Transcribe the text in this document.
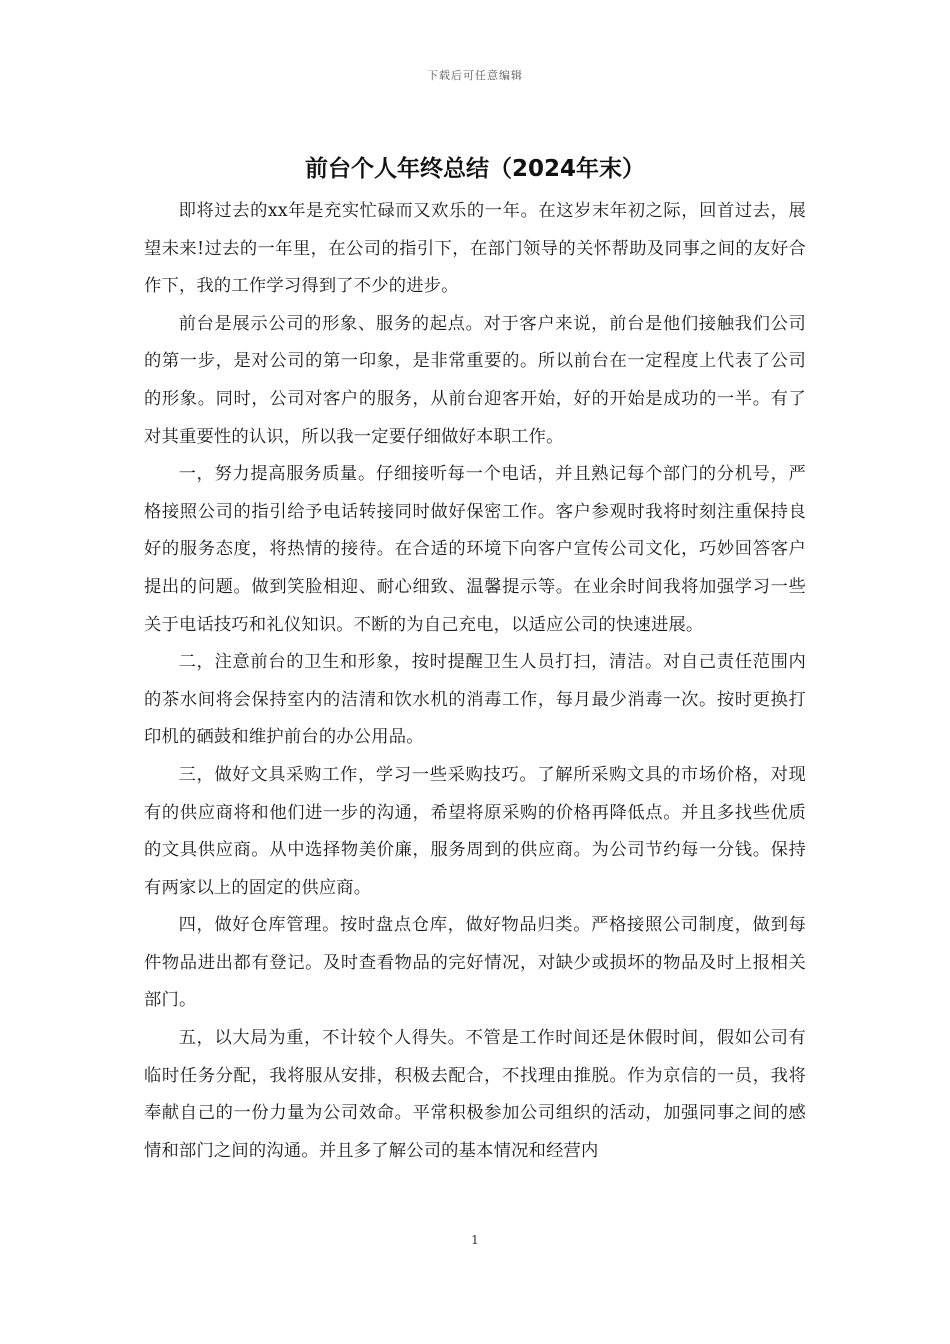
下载后可任意编辑
前台个人年终总结（2024年末）

即将过去的xx年是充实忙碌而又欢乐的一年。在这岁末年初之际，回首过去，展望未来!过去的一年里，在公司的指引下，在部门领导的关怀帮助及同事之间的友好合作下，我的工作学习得到了不少的进步。

前台是展示公司的形象、服务的起点。对于客户来说，前台是他们接触我们公司的第一步，是对公司的第一印象，是非常重要的。所以前台在一定程度上代表了公司的形象。同时，公司对客户的服务，从前台迎客开始，好的开始是成功的一半。有了对其重要性的认识，所以我一定要仔细做好本职工作。

一，努力提高服务质量。仔细接听每一个电话，并且熟记每个部门的分机号，严格接照公司的指引给予电话转接同时做好保密工作。客户参观时我将时刻注重保持良好的服务态度，将热情的接待。在合适的环境下向客户宣传公司文化，巧妙回答客户提出的问题。做到笑脸相迎、耐心细致、温馨提示等。在业余时间我将加强学习一些关于电话技巧和礼仪知识。不断的为自己充电，以适应公司的快速进展。

二，注意前台的卫生和形象，按时提醒卫生人员打扫，清洁。对自己责任范围内的茶水间将会保持室内的洁清和饮水机的消毒工作，每月最少消毒一次。按时更换打印机的硒鼓和维护前台的办公用品。

三，做好文具采购工作，学习一些采购技巧。了解所采购文具的市场价格，对现有的供应商将和他们进一步的沟通，希望将原采购的价格再降低点。并且多找些优质的文具供应商。从中选择物美价廉，服务周到的供应商。为公司节约每一分钱。保持有两家以上的固定的供应商。

四，做好仓库管理。按时盘点仓库，做好物品归类。严格接照公司制度，做到每件物品进出都有登记。及时查看物品的完好情况，对缺少或损坏的物品及时上报相关部门。

五，以大局为重，不计较个人得失。不管是工作时间还是休假时间，假如公司有临时任务分配，我将服从安排，积极去配合，不找理由推脱。作为京信的一员，我将奉献自己的一份力量为公司效命。平常积极参加公司组织的活动，加强同事之间的感情和部门之间的沟通。并且多了解公司的基本情况和经营内

1
